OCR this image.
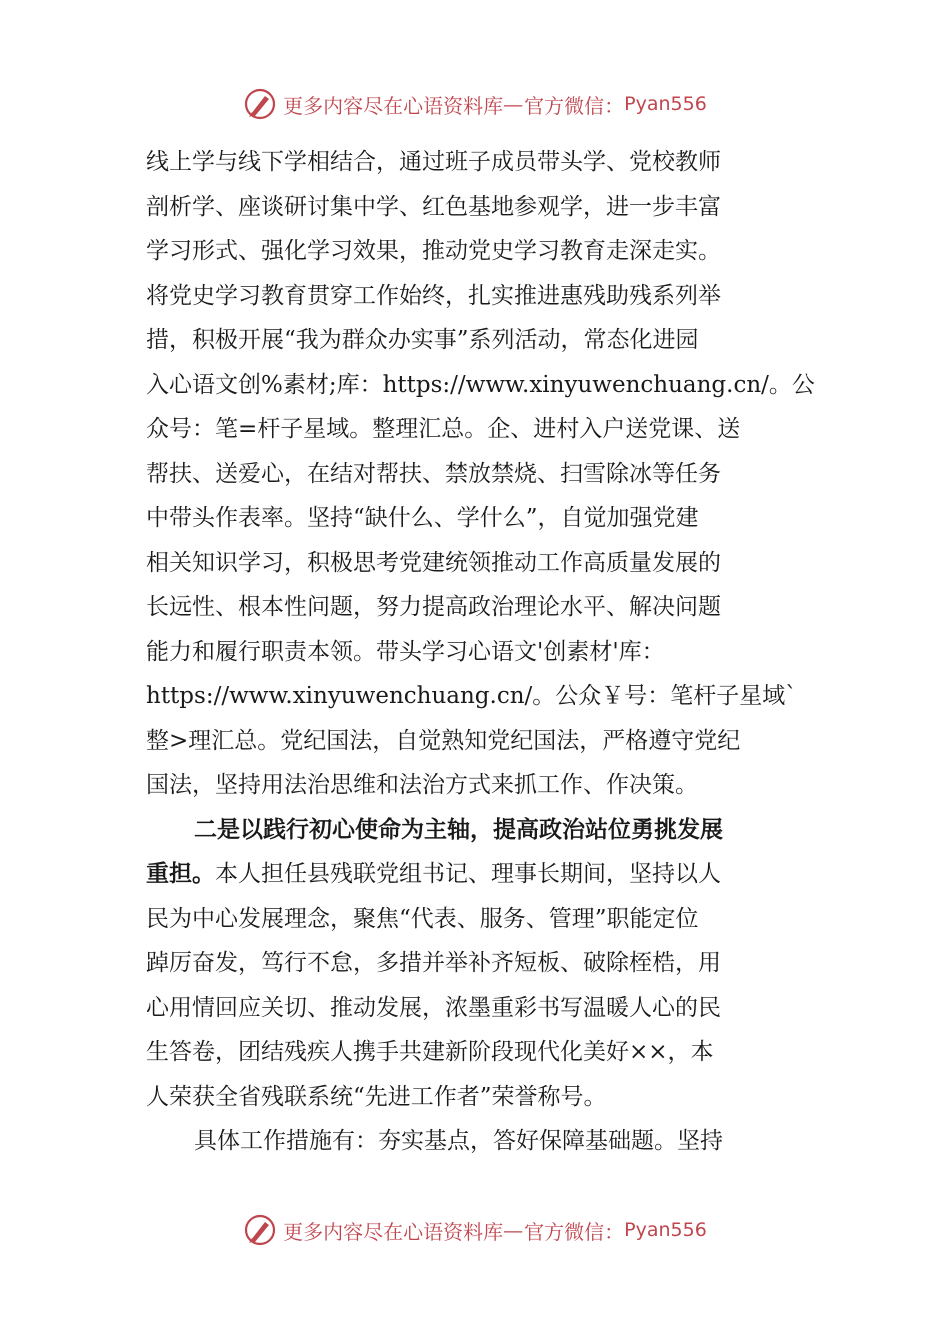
更多内容尽在心语资料库 — 官方微信： Pyan556
线上学与线下学相结合，通过班子成员带头学、党校教师
剖析学、座谈研讨集中学、红色基地参观学，进一步丰富
学习形式、强化学习效果，推动党史学习教育走深走实。
将党史学习教育贯穿工作始终，扎实推进惠残助残系列举
措，积极开展“我为群众办实事”系列活动，常态化进园
入心语文创%素材;库：https://www.xinyuwenchuang.cn/。公
众号：笔=杆子星域。整理汇总。企、进村入户送党课、送
帮扶、送爱心，在结对帮扶、禁放禁烧、扫雪除冰等任务
中带头作表率。坚持“缺什么、学什么”，自觉加强党建
相关知识学习，积极思考党建统领推动工作高质量发展的
长远性、根本性问题，努力提高政治理论水平、解决问题
能力和履行职责本领。带头学习心语文'创素材'库：
https://www.xinyuwenchuang.cn/。公众￥号：笔杆子星域`
整>理汇总。党纪国法，自觉熟知党纪国法，严格遵守党纪
国法，坚持用法治思维和法治方式来抓工作、作决策。
二是以践行初心使命为主轴，提高政治站位勇挑发展
重担。 本人担任县残联党组书记、理事长期间，坚持以人
民为中心发展理念，聚焦“代表、服务、管理”职能定位
踔厉奋发，笃行不怠，多措并举补齐短板、破除桎梏，用
心用情回应关切、推动发展，浓墨重彩书写温暖人心的民
生答卷，团结残疾人携手共建新阶段现代化美好××，本
人荣获全省残联系统“先进工作者”荣誉称号。
具体工作措施有：夯实基点，答好保障基础题。坚持
更多内容尽在心语资料库 — 官方微信： Pyan556
